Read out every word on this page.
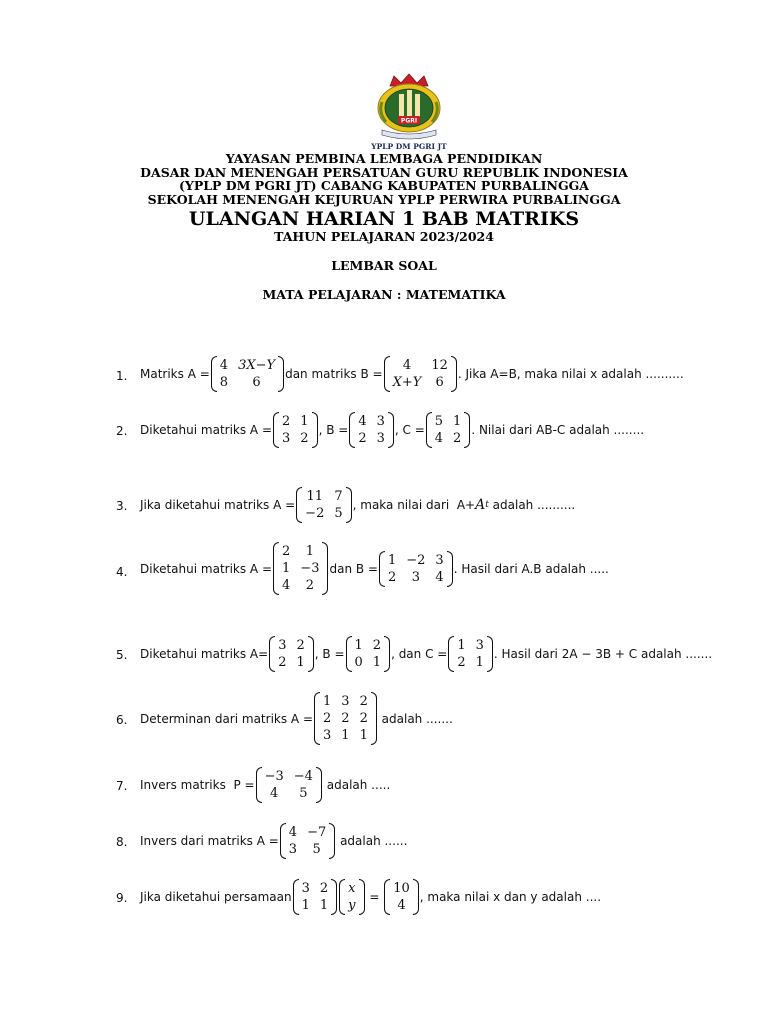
PGRI
YPLP DM PGRI JT
YAYASAN PEMBINA LEMBAGA PENDIDIKAN
DASAR DAN MENENGAH PERSATUAN GURU REPUBLIK INDONESIA
(YPLP DM PGRI JT) CABANG KABUPATEN PURBALINGGA
SEKOLAH MENENGAH KEJURUAN YPLP PERWIRA PURBALINGGA
ULANGAN HARIAN 1 BAB MATRIKS
TAHUN PELAJARAN 2023/2024
LEMBAR SOAL
MATA PELAJARAN : MATEMATIKA
1. Matriks A =
4 3X−Y
8	6
dan matriks B =
4	12
X+Y	6
. Jika A=B, maka nilai x adalah ..........
2. Diketahui matriks A =
2 1
3 2
, B =
4 3
2 3
, C =
5 1
4 2
. Nilai dari AB-C adalah ........
3. Jika diketahui matriks A =
11 7
−2 5
, maka nilai dari  A+ A t adalah ..........
4. Diketahui matriks A =
2	1
1 −3
4	2
dan B =
1 −2 3
2	3	4
. Hasil dari A.B adalah .....
5. Diketahui matriks A=
3 2
2 1
, B =
1 2
0 1
, dan C =
1 3
2 1
. Hasil dari 2A − 3B + C adalah .......
6. Determinan dari matriks A =
1 3 2
2 2 2
3 1 1
adalah .......
7. Invers matriks  P =
−3 −4
4	5
adalah .....
8. Invers dari matriks A =
4 −7
3	5
adalah ......
9. Jika diketahui persamaan
3 2
1 1
x
y
=
10
4
, maka nilai x dan y adalah ....
